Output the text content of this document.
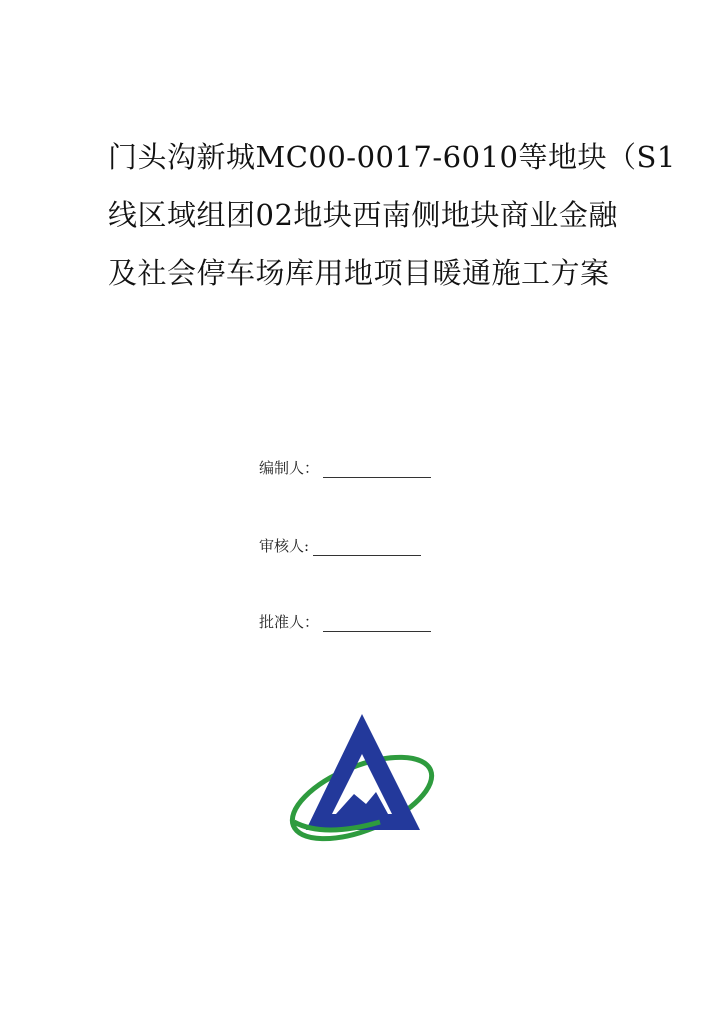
门头沟新城MC00-0017-6010等地块（S1
线区域组团02地块西南侧地块商业金融
及社会停车场库用地项目暖通施工方案
编制人：
审核人:
批准人：
